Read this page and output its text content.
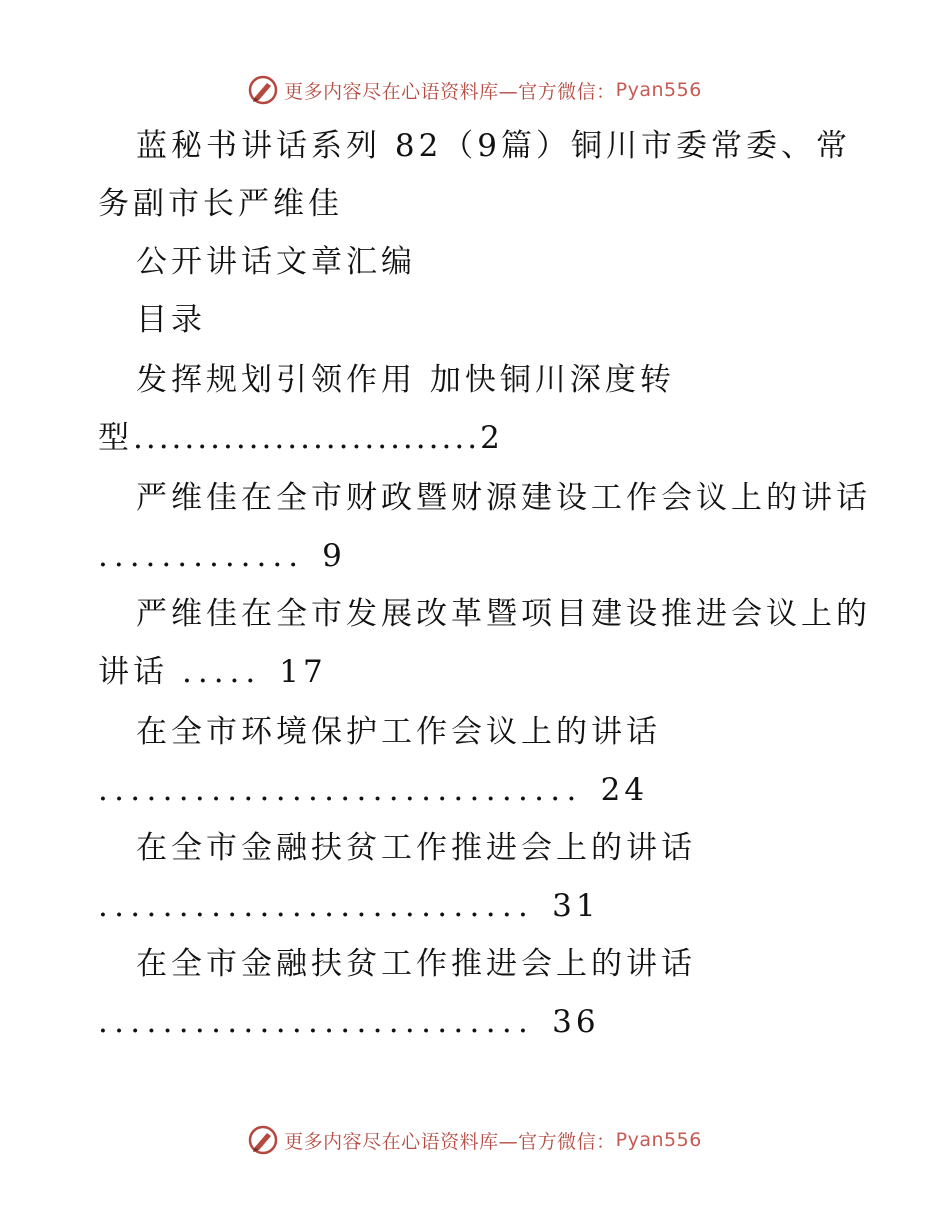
更多内容尽在心语资料库—官方微信： Pyan556
蓝秘书讲话系列 82（9篇）铜川市委常委、常
务副市长严维佳
公开讲话文章汇编
目录
发挥规划引领作用 加快铜川深度转
型...........................2
严维佳在全市财政暨财源建设工作会议上的讲话
............. 9
严维佳在全市发展改革暨项目建设推进会议上的
讲话 ..... 17
在全市环境保护工作会议上的讲话
.............................. 24
在全市金融扶贫工作推进会上的讲话
........................... 31
在全市金融扶贫工作推进会上的讲话
........................... 36
更多内容尽在心语资料库—官方微信： Pyan556
